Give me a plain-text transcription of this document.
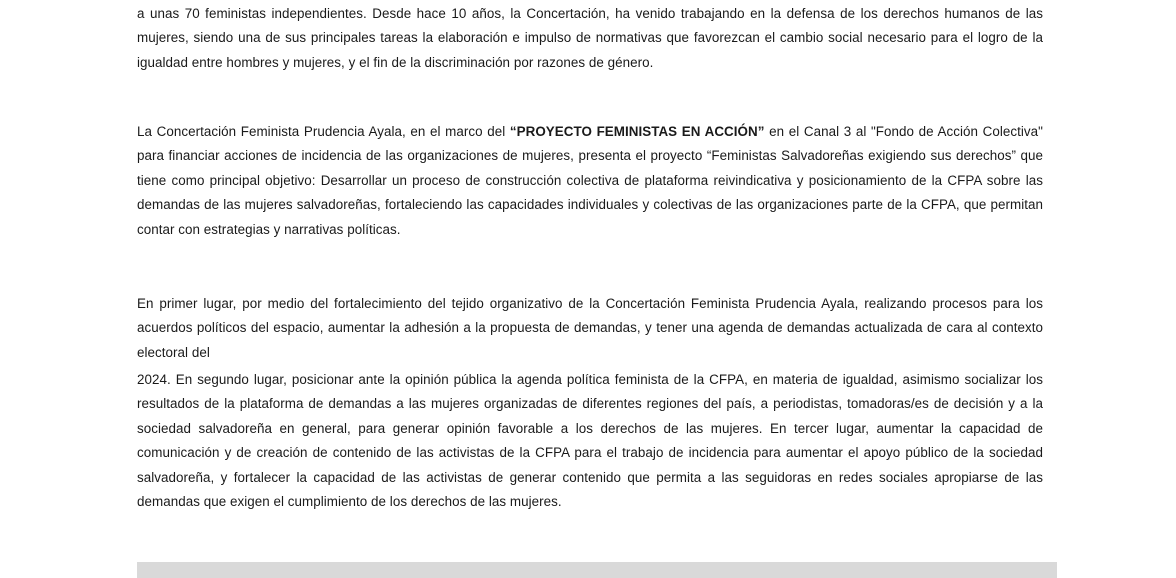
a unas 70 feministas independientes. Desde hace 10 años, la Concertación, ha venido trabajando en la defensa de los derechos humanos de las mujeres, siendo una de sus principales tareas la elaboración e impulso de normativas que favorezcan el cambio social necesario para el logro de la igualdad entre hombres y mujeres, y el fin de la discriminación por razones de género.

La Concertación Feminista Prudencia Ayala, en el marco del “PROYECTO FEMINISTAS EN ACCIÓN” en el Canal 3 al "Fondo de Acción Colectiva" para financiar acciones de incidencia de las organizaciones de mujeres, presenta el proyecto “Feministas Salvadoreñas exigiendo sus derechos” que tiene como principal objetivo: Desarrollar un proceso de construcción colectiva de plataforma reivindicativa y posicionamiento de la CFPA sobre las demandas de las mujeres salvadoreñas, fortaleciendo las capacidades individuales y colectivas de las organizaciones parte de la CFPA, que permitan contar con estrategias y narrativas políticas.

En primer lugar, por medio del fortalecimiento del tejido organizativo de la Concertación Feminista Prudencia Ayala, realizando procesos para los acuerdos políticos del espacio, aumentar la adhesión a la propuesta de demandas, y tener una agenda de demandas actualizada de cara al contexto electoral del

2024. En segundo lugar, posicionar ante la opinión pública la agenda política feminista de la CFPA, en materia de igualdad, asimismo socializar los resultados de la plataforma de demandas a las mujeres organizadas de diferentes regiones del país, a periodistas, tomadoras/es de decisión y a la sociedad salvadoreña en general, para generar opinión favorable a los derechos de las mujeres. En tercer lugar, aumentar la capacidad de comunicación y de creación de contenido de las activistas de la CFPA para el trabajo de incidencia para aumentar el apoyo público de la sociedad salvadoreña, y fortalecer la capacidad de las activistas de generar contenido que permita a las seguidoras en redes sociales apropiarse de las demandas que exigen el cumplimiento de los derechos de las mujeres.
